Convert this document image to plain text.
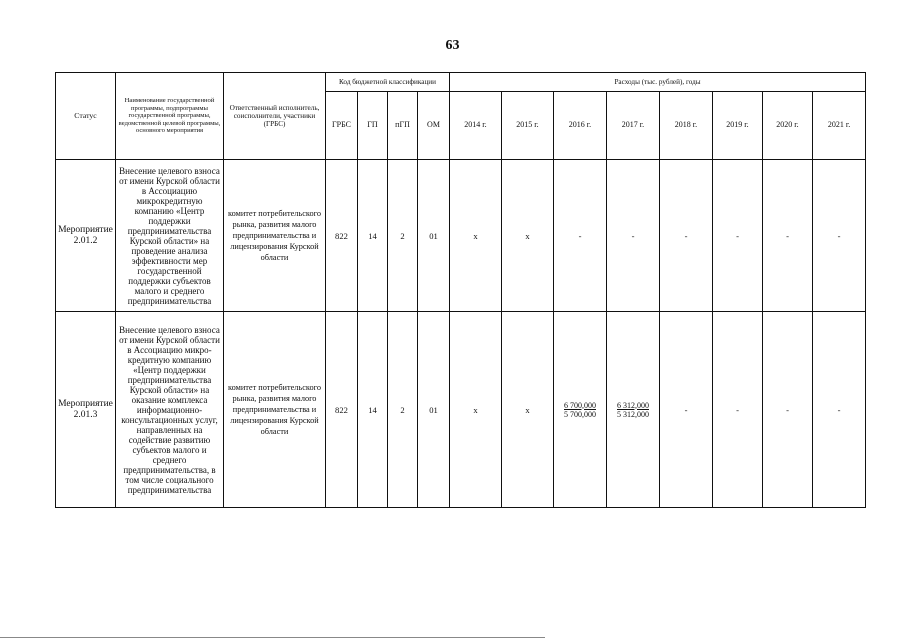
63
Статус	Наименование государственной программы, подпрограммы государственной программы, ведомственной целевой программы, основного мероприятия	Ответственный исполнитель, соисполнители, участники (ГРБС)	Код бюджетной классификации				Расходы (тыс. рублей), годы							
			ГРБС	ГП	пГП	ОМ	2014 г.	2015 г.	2016 г.	2017 г.	2018 г.	2019 г.	2020 г.	2021 г.
Мероприятие 2.01.2	Внесение целевого взноса от имени Курской области в Ассоциацию микрокредитную компанию «Центр поддержки предпринимательства Курской области» на проведение анализа эффективности мер государственной поддержки субъектов малого и среднего предпринимательства	комитет потребительского рынка, развития малого предпринимательства и лицензирования Курской области	822	14	2	01	х	х	-	-	-	-	-	-
Мероприятие 2.01.3	Внесение целевого взноса от имени Курской области в Ассоциацию микро-кредитную компанию «Центр поддержки предпринимательства Курской области» на оказание комплекса информационно-консультационных услуг, направленных на содействие развитию субъектов малого и среднего предпринимательства, в том числе социального предпринимательства	комитет потребительского рынка, развития малого предпринимательства и лицензирования Курской области	822	14	2	01	х	х	$\frac{6 700,000}{5 700,000}$	$\frac{6 312,000}{5 312,000}$	-	-	-	-
